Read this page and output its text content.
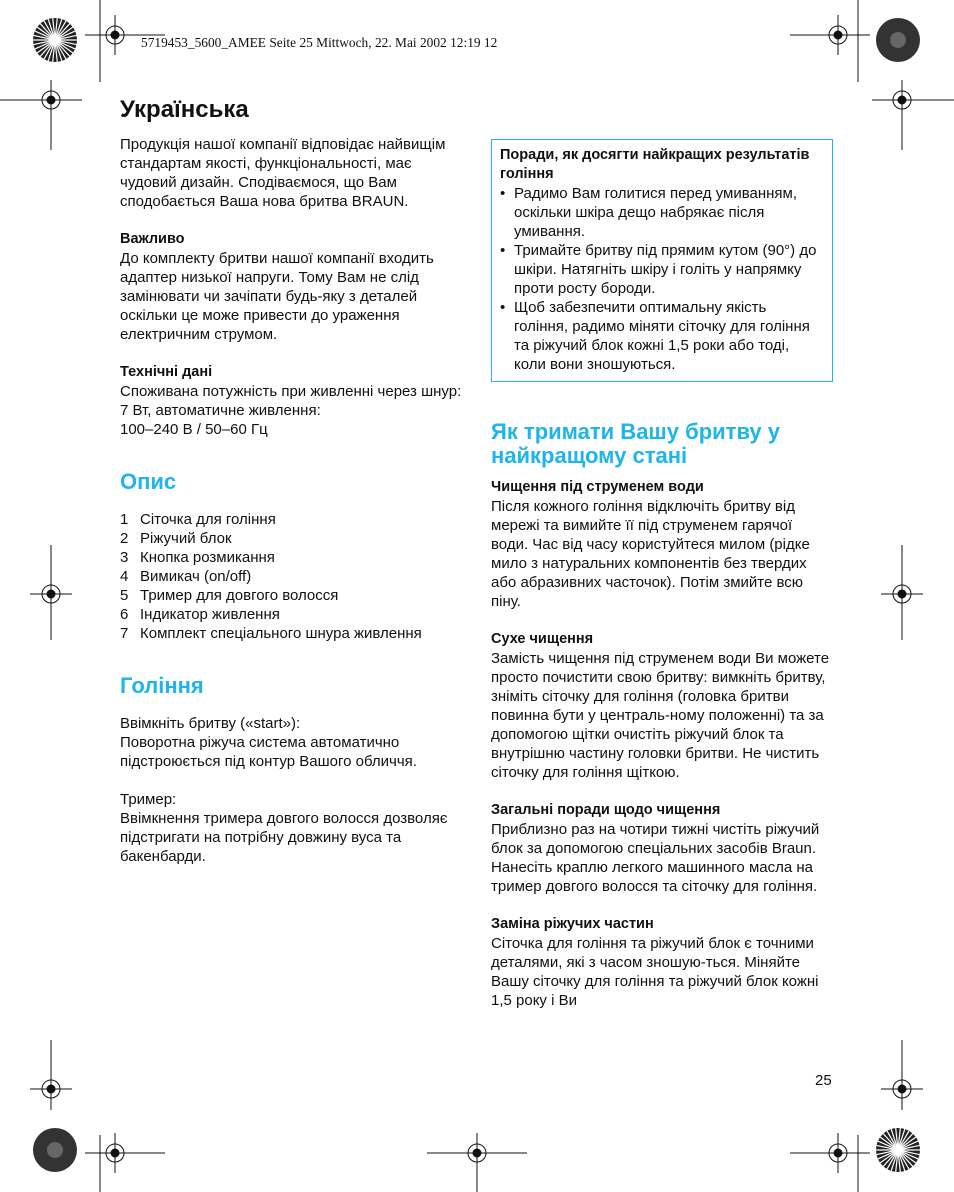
5719453_5600_AMEE Seite 25 Mittwoch, 22. Mai 2002 12:19 12
Українська

Продукція нашої компанії відповідає найвищім стандартам якості, функціональності, має чудовий дизайн. Сподіваємося, що Вам сподобається Ваша нова бритва BRAUN.

Важливо

До комплекту бритви нашої компанії входить адаптер низької напруги. Тому Вам не слід замінювати чи зачіпати будь-яку з деталей оскільки це може привести до ураження електричним струмом.

Технічні дані

Споживана потужність при живленні через шнур: 7 Вт, автоматичне живлення:

100–240 В / 50–60 Гц

Опис

1 Сіточка для гоління
2 Ріжучий блок
3 Кнопка розмикання
4 Вимикач (on/off)
5 Тример для довгого волосся
6 Індикатор живлення
7 Комплект спеціального шнура живлення

Гоління

Ввімкніть бритву («start»):

Поворотна ріжуча система автоматично підстроюється під контур Вашого обличчя.

Тример:

Ввімкнення тримера довгого волосся дозволяє підстригати на потрібну довжину вуса та бакенбарди.

Поради, як досягти найкращих результатів гоління

• Радимо Вам голитися перед умиванням, оскільки шкіра дещо набрякає після умивання.
• Тримайте бритву під прямим кутом (90°) до шкіри. Натягніть шкіру і голіть у напрямку проти росту бороди.
• Щоб забезпечити оптимальну якість гоління, радимо міняти сіточку для гоління та ріжучий блок кожні 1,5 роки або тоді, коли вони зношуються.

Як тримати Вашу бритву у найкращому стані

Чищення під струменем води

Після кожного гоління відключіть бритву від мережі та вимийте її під струменем гарячої води. Час від часу користуйтеся милом (рідке мило з натуральних компонентів без твердих або абразивних часточок). Потім змийте всю піну.

Сухе чищення

Замість чищення під струменем води Ви можете просто почистити свою бритву: вимкніть бритву, зніміть сіточку для гоління (головка бритви повинна бути у централь-ному положенні) та за допомогою щітки очистіть ріжучий блок та внутрішню частину головки бритви. Не чистить сіточку для гоління щіткою.

Загальні поради щодо чищення

Приблизно раз на чотири тижні чистіть ріжучий блок за допомогою спеціальних засобів Braun.

Нанесіть краплю легкого машинного масла на тример довгого волосся та сіточку для гоління.

Заміна ріжучих частин

Сіточка для гоління та ріжучий блок є точними деталями, які з часом зношую-ться. Міняйте Вашу сіточку для гоління та ріжучий блок кожні 1,5 року і Ви

25
